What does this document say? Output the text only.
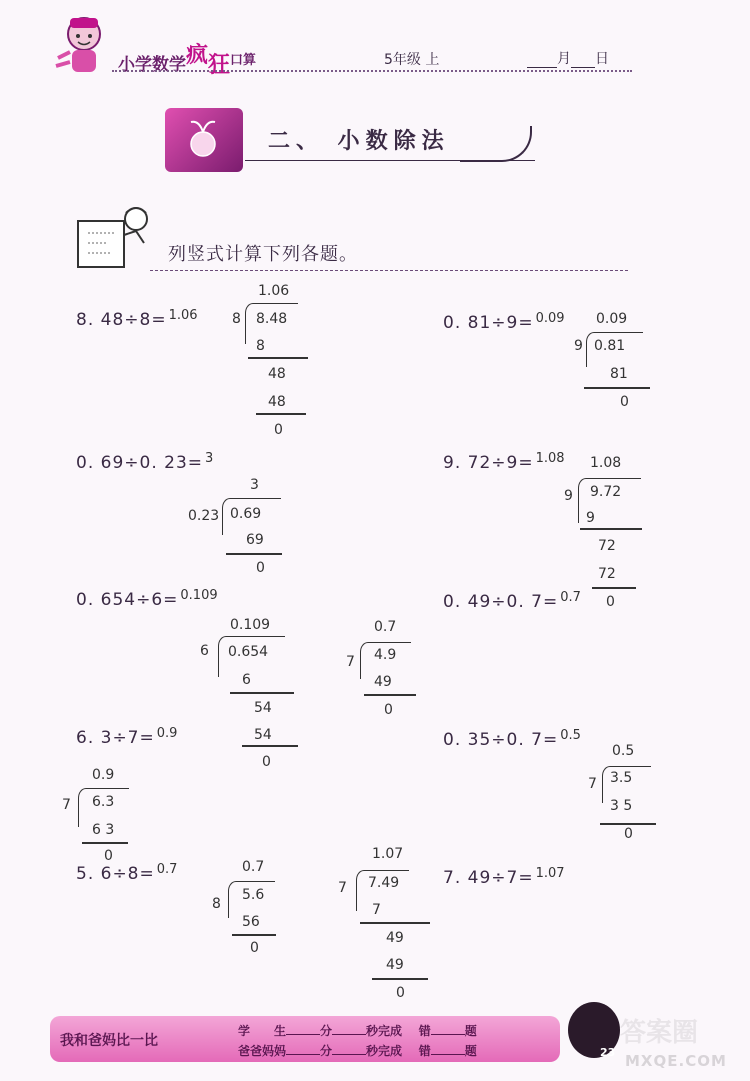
小学数学疯狂$^{口算}$	5年级 上	月 日
二、 小数除法
列竖式计算下列各题。
8. 48÷8= $^{1.06}$
1.06
8 8.48
8
48
48
0
0. 81÷9= $^{0.09}$ 0.09
9 0.81
81
0
0. 69÷0. 23= $^3$
3
0.23 0.69
69
0
9. 72÷9= $^{1.08}$ 1.08
9 9.72
9
72
72
0
0. 654÷6= $^{0.109}$
0.109
6 0.654
6
54
54
0
0. 49÷0. 7= $^{0.7}$
0.7
7 4.9
49
0
6. 3÷7= $^{0.9}$
0.9
7 6.3
6 3
0
0. 35÷0. 7= $^{0.5}$
0.5
7 3.5
3 5
0
5. 6÷8= $^{0.7}$	0.7
8
5.6
56
0
7. 49÷7= $^{1.07}$
1.07
7 7.49
7
49
49
0
我和爸妈比一比
学　　生	分	秒完成 错	题
爸爸妈妈	分	秒完成 错	题	23
答案圈
MXQE.COM
